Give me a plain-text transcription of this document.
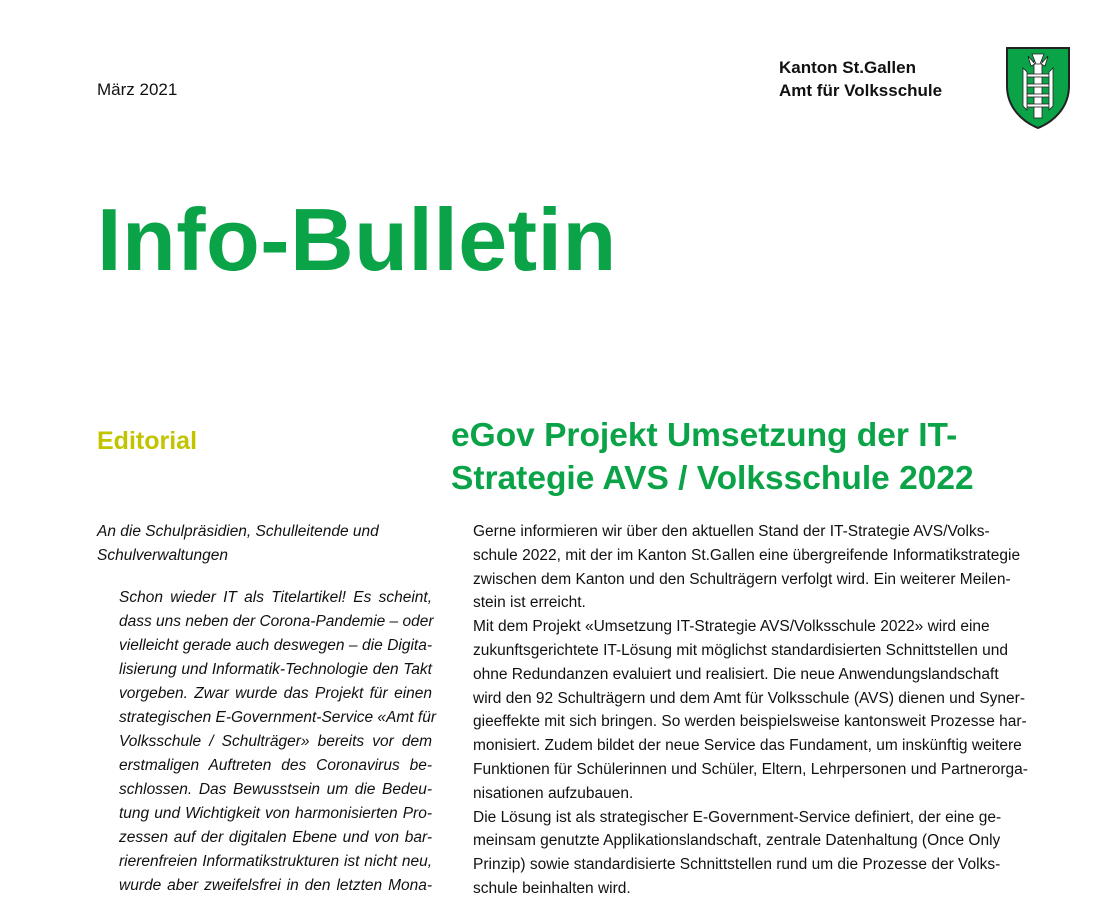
März 2021
Kanton St.Gallen
Amt für Volksschule
Info-Bulletin
Editorial

An die Schulpräsidien, Schulleitende und
Schulverwaltungen

Schon wieder IT als Titelartikel! Es scheint,
dass uns neben der Corona-Pandemie – oder
vielleicht gerade auch deswegen – die Digita-
lisierung und Informatik-Technologie den Takt
vorgeben. Zwar wurde das Projekt für einen
strategischen E-Government-Service «Amt für
Volksschule / Schulträger» bereits vor dem
erstmaligen Auftreten des Coronavirus be-
schlossen. Das Bewusstsein um die Bedeu-
tung und Wichtigkeit von harmonisierten Pro-
zessen auf der digitalen Ebene und von bar-
rierenfreien Informatikstrukturen ist nicht neu,
wurde aber zweifelsfrei in den letzten Mona-

eGov Projekt Umsetzung der IT-
Strategie AVS / Volksschule 2022

Gerne informieren wir über den aktuellen Stand der IT-Strategie AVS/Volks-
schule 2022, mit der im Kanton St.Gallen eine übergreifende Informatikstrategie
zwischen dem Kanton und den Schulträgern verfolgt wird. Ein weiterer Meilen-
stein ist erreicht.

Mit dem Projekt «Umsetzung IT-Strategie AVS/Volksschule 2022» wird eine
zukunftsgerichtete IT-Lösung mit möglichst standardisierten Schnittstellen und
ohne Redundanzen evaluiert und realisiert. Die neue Anwendungslandschaft
wird den 92 Schulträgern und dem Amt für Volksschule (AVS) dienen und Syner-
gieeffekte mit sich bringen. So werden beispielsweise kantonsweit Prozesse har-
monisiert. Zudem bildet der neue Service das Fundament, um inskünftig weitere
Funktionen für Schülerinnen und Schüler, Eltern, Lehrpersonen und Partnerorga-
nisationen aufzubauen.

Die Lösung ist als strategischer E-Government-Service definiert, der eine ge-
meinsam genutzte Applikationslandschaft, zentrale Datenhaltung (Once Only
Prinzip) sowie standardisierte Schnittstellen rund um die Prozesse der Volks-
schule beinhalten wird.
